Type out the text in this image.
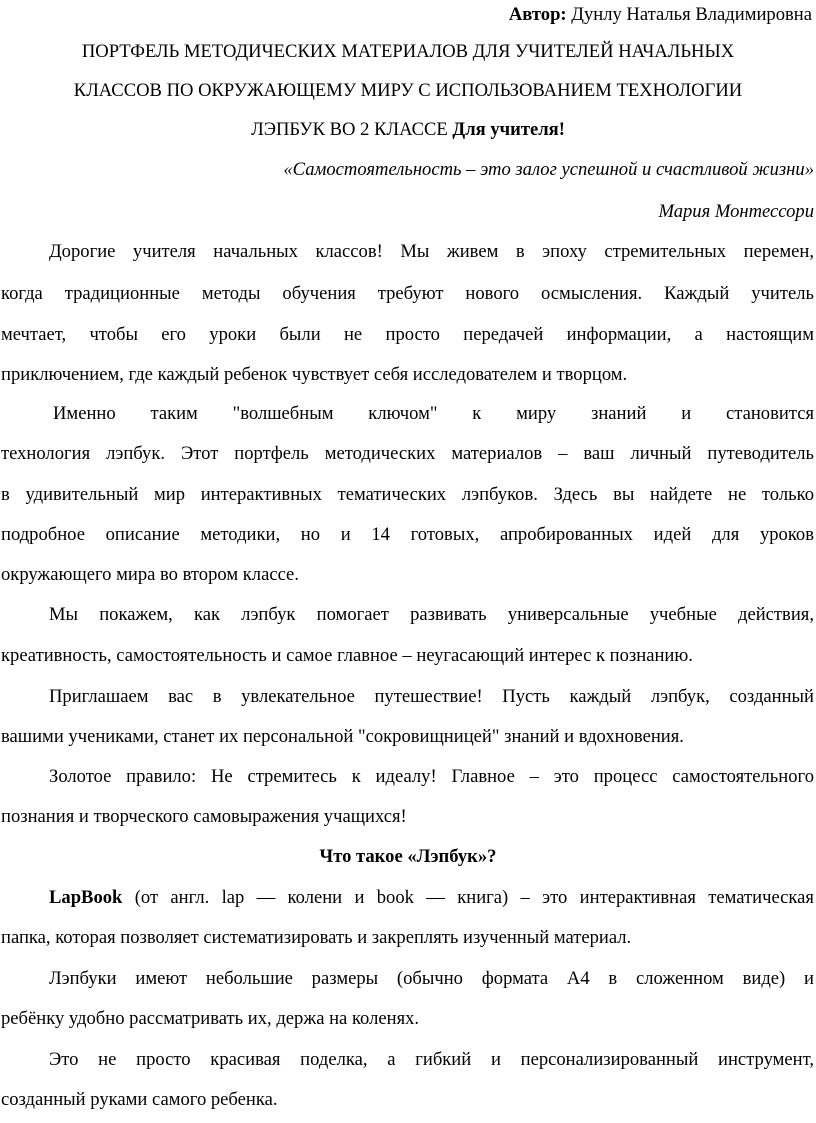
Автор: Дунлу Наталья Владимировна
ПОРТФЕЛЬ МЕТОДИЧЕСКИХ МАТЕРИАЛОВ ДЛЯ УЧИТЕЛЕЙ НАЧАЛЬНЫХ
КЛАССОВ ПО ОКРУЖАЮЩЕМУ МИРУ С ИСПОЛЬЗОВАНИЕМ ТЕХНОЛОГИИ
ЛЭПБУК ВО 2 КЛАССЕ Для учителя!
«Самостоятельность – это залог успешной и счастливой жизни»
Мария Монтессори
Дорогие учителя начальных классов! Мы живем в эпоху стремительных перемен,
когда традиционные методы обучения требуют нового осмысления. Каждый учитель
мечтает, чтобы его уроки были не просто передачей информации, а настоящим
приключением, где каждый ребенок чувствует себя исследователем и творцом.
Именно таким "волшебным ключом" к миру знаний и становится
технология лэпбук. Этот портфель методических материалов – ваш личный путеводитель
в удивительный мир интерактивных тематических лэпбуков. Здесь вы найдете не только
подробное описание методики, но и 14 готовых, апробированных идей для уроков
окружающего мира во втором классе.
Мы покажем, как лэпбук помогает развивать универсальные учебные действия,
креативность, самостоятельность и самое главное – неугасающий интерес к познанию.
Приглашаем вас в увлекательное путешествие! Пусть каждый лэпбук, созданный
вашими учениками, станет их персональной "сокровищницей" знаний и вдохновения.
Золотое правило: Не стремитесь к идеалу! Главное – это процесс самостоятельного
познания и творческого самовыражения учащихся!
Что такое «Лэпбук»?
LapBook (от англ. lap — колени и book — книга) – это интерактивная тематическая
папка, которая позволяет систематизировать и закреплять изученный материал.
Лэпбуки имеют небольшие размеры (обычно формата А4 в сложенном виде) и
ребёнку удобно рассматривать их, держа на коленях.
Это не просто красивая поделка, а гибкий и персонализированный инструмент,
созданный руками самого ребенка.
